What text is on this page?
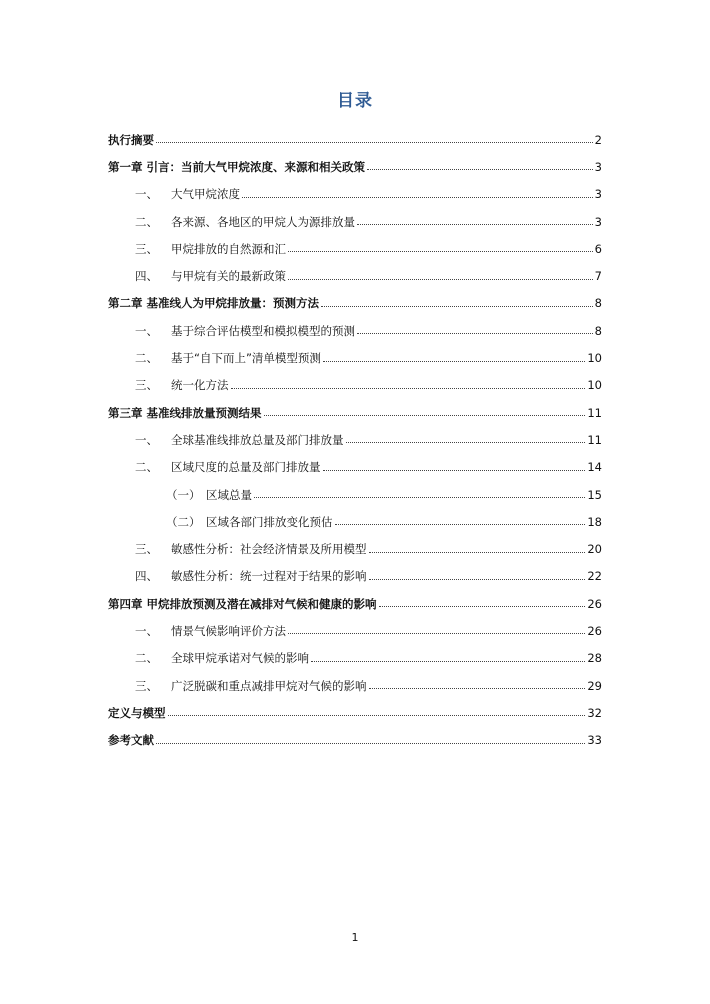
目录
执行摘要	2
第一章 引言：当前大气甲烷浓度、来源和相关政策	3
一、	大气甲烷浓度	3
二、	各来源、各地区的甲烷人为源排放量	3
三、	甲烷排放的自然源和汇	6
四、	与甲烷有关的最新政策	7
第二章 基准线人为甲烷排放量：预测方法	8
一、	基于综合评估模型和模拟模型的预测	8
二、	基于“自下而上”清单模型预测	10
三、	统一化方法	10
第三章 基准线排放量预测结果	11
一、	全球基准线排放总量及部门排放量	11
二、	区域尺度的总量及部门排放量	14
（一） 区域总量	15
（二） 区域各部门排放变化预估	18
三、	敏感性分析：社会经济情景及所用模型	20
四、	敏感性分析：统一过程对于结果的影响	22
第四章 甲烷排放预测及潜在减排对气候和健康的影响	26
一、	情景气候影响评价方法	26
二、	全球甲烷承诺对气候的影响	28
三、	广泛脱碳和重点减排甲烷对气候的影响	29
定义与模型	32
参考文献	33
1
